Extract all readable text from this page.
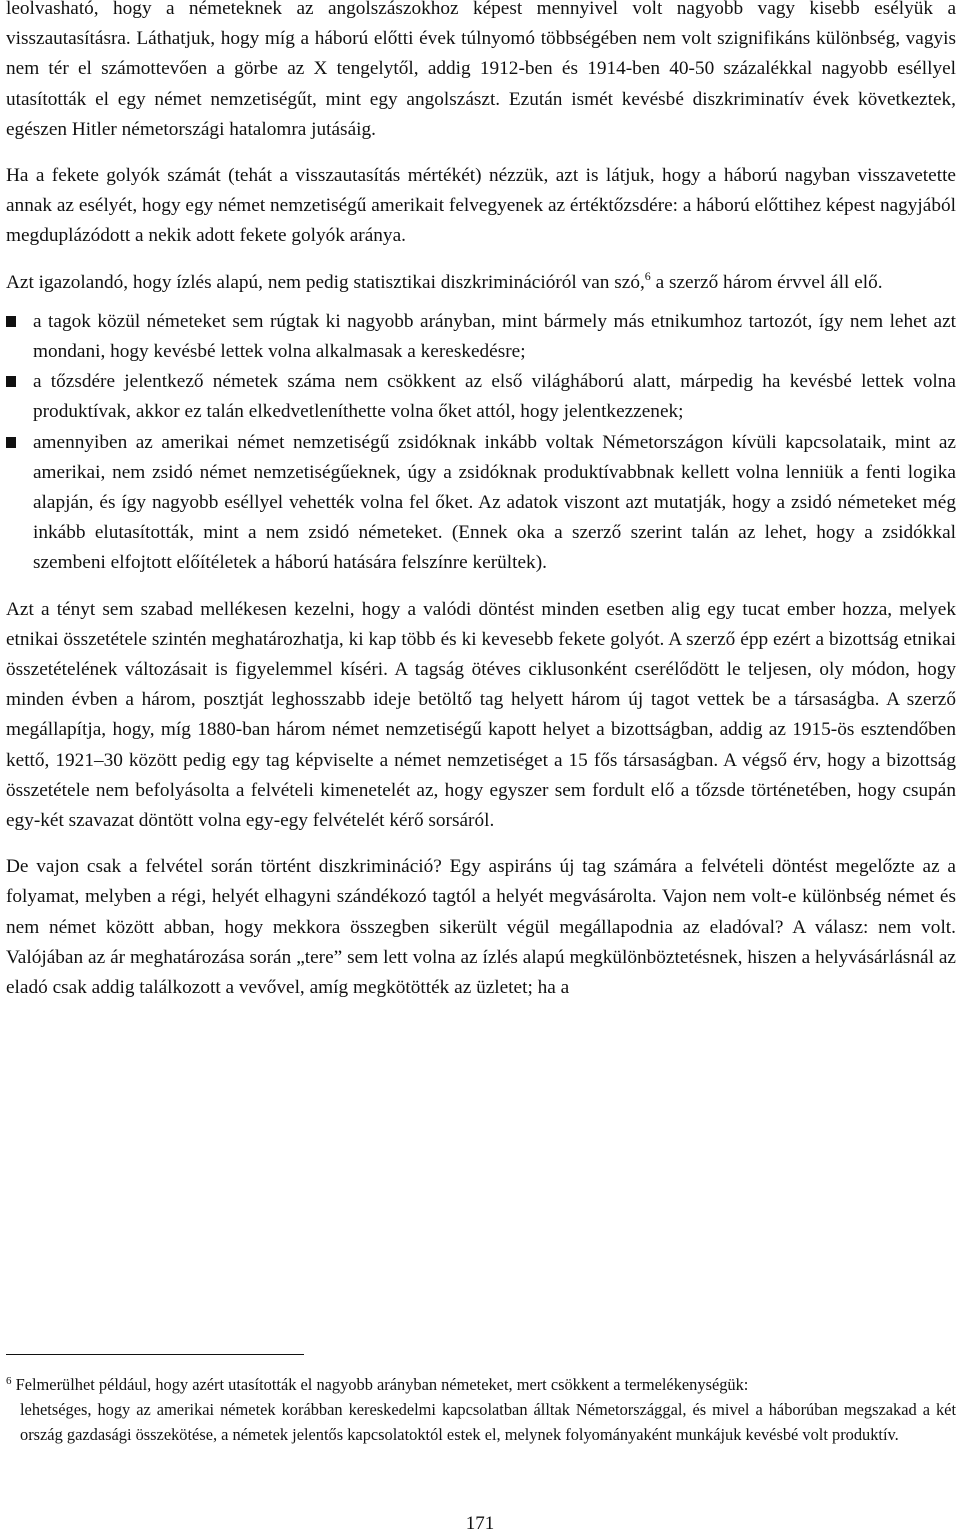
leolvasható, hogy a németeknek az angolszászokhoz képest mennyivel volt nagyobb vagy kisebb esélyük a visszautasításra. Láthatjuk, hogy míg a háború előtti évek túlnyomó többségében nem volt szignifikáns különbség, vagyis nem tér el számottevően a görbe az X tengelytől, addig 1912-ben és 1914-ben 40-50 százalékkal nagyobb eséllyel utasították el egy német nemzetiségűt, mint egy angolszászt. Ezután ismét kevésbé diszkriminatív évek következtek, egészen Hitler németországi hatalomra jutásáig.

Ha a fekete golyók számát (tehát a visszautasítás mértékét) nézzük, azt is látjuk, hogy a háború nagyban visszavetette annak az esélyét, hogy egy német nemzetiségű amerikait felvegyenek az értéktőzsdére: a háború előttihez képest nagyjából megduplázódott a nekik adott fekete golyók aránya.

Azt igazolandó, hogy ízlés alapú, nem pedig statisztikai diszkriminációról van szó,$^6$ a szerző három érvvel áll elő.

a tagok közül németeket sem rúgtak ki nagyobb arányban, mint bármely más etnikumhoz tartozót, így nem lehet azt mondani, hogy kevésbé lettek volna alkalmasak a kereskedésre;
a tőzsdére jelentkező németek száma nem csökkent az első világháború alatt, márpedig ha kevésbé lettek volna produktívak, akkor ez talán elkedvetleníthette volna őket attól, hogy jelentkezzenek;
amennyiben az amerikai német nemzetiségű zsidóknak inkább voltak Németországon kívüli kapcsolataik, mint az amerikai, nem zsidó német nemzetiségűeknek, úgy a zsidóknak produktívabbnak kellett volna lenniük a fenti logika alapján, és így nagyobb eséllyel vehették volna fel őket. Az adatok viszont azt mutatják, hogy a zsidó németeket még inkább elutasították, mint a nem zsidó németeket. (Ennek oka a szerző szerint talán az lehet, hogy a zsidókkal szembeni elfojtott előítéletek a háború hatására felszínre kerültek).

Azt a tényt sem szabad mellékesen kezelni, hogy a valódi döntést minden esetben alig egy tucat ember hozza, melyek etnikai összetétele szintén meghatározhatja, ki kap több és ki kevesebb fekete golyót. A szerző épp ezért a bizottság etnikai összetételének változásait is figyelemmel kíséri. A tagság ötéves ciklusonként cserélődött le teljesen, oly módon, hogy minden évben a három, posztját leghosszabb ideje betöltő tag helyett három új tagot vettek be a társaságba. A szerző megállapítja, hogy, míg 1880-ban három német nemzetiségű kapott helyet a bizottságban, addig az 1915-ös esztendőben kettő, 1921–30 között pedig egy tag képviselte a német nemzetiséget a 15 fős társaságban. A végső érv, hogy a bizottság összetétele nem befolyásolta a felvételi kimenetelét az, hogy egyszer sem fordult elő a tőzsde történetében, hogy csupán egy-két szavazat döntött volna egy-egy felvételét kérő sorsáról.

De vajon csak a felvétel során történt diszkrimináció? Egy aspiráns új tag számára a felvételi döntést megelőzte az a folyamat, melyben a régi, helyét elhagyni szándékozó tagtól a helyét megvásárolta. Vajon nem volt-e különbség német és nem német között abban, hogy mekkora összegben sikerült végül megállapodnia az eladóval? A válasz: nem volt. Valójában az ár meghatározása során „tere” sem lett volna az ízlés alapú megkülönböztetésnek, hiszen a helyvásárlásnál az eladó csak addig találkozott a vevővel, amíg megkötötték az üzletet; ha a

$^6$ Felmerülhet például, hogy azért utasították el nagyobb arányban németeket, mert csökkent a termelékenységük:
lehetséges, hogy az amerikai németek korábban kereskedelmi kapcsolatban álltak Németországgal, és mivel a háborúban megszakad a két ország gazdasági összekötése, a németek jelentős kapcsolatoktól estek el, melynek folyományaként munkájuk kevésbé volt produktív.
171
